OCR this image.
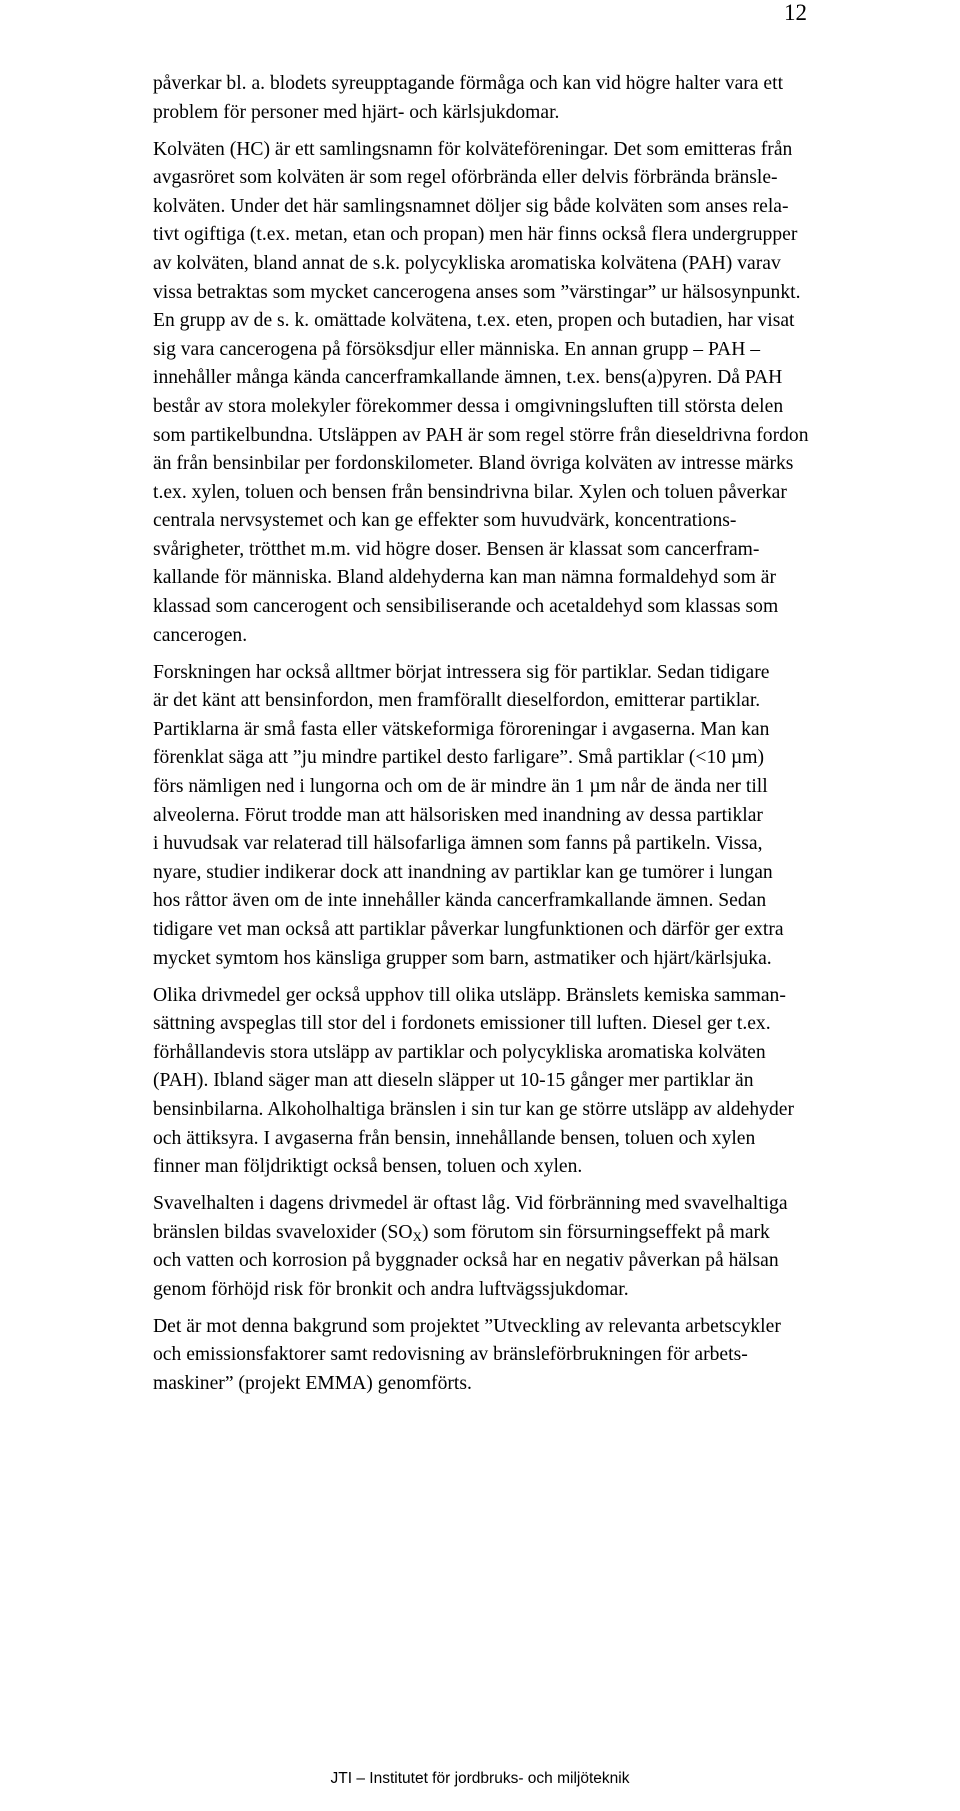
12

påverkar bl. a. blodets syreupptagande förmåga och kan vid högre halter vara ett
problem för personer med hjärt- och kärlsjukdomar.

Kolväten (HC) är ett samlingsnamn för kolväteföreningar. Det som emitteras från
avgasröret som kolväten är som regel oförbrända eller delvis förbrända bränsle-
kolväten. Under det här samlingsnamnet döljer sig både kolväten som anses rela-
tivt ogiftiga (t.ex. metan, etan och propan) men här finns också flera undergrupper
av kolväten, bland annat de s.k. polycykliska aromatiska kolvätena (PAH) varav
vissa betraktas som mycket cancerogena anses som ”värstingar” ur hälsosynpunkt.
En grupp av de s. k. omättade kolvätena, t.ex. eten, propen och butadien, har visat
sig vara cancerogena på försöksdjur eller människa. En annan grupp – PAH –
innehåller många kända cancerframkallande ämnen, t.ex. bens(a)pyren. Då PAH
består av stora molekyler förekommer dessa i omgivningsluften till största delen
som partikelbundna. Utsläppen av PAH är som regel större från dieseldrivna fordon
än från bensinbilar per fordonskilometer. Bland övriga kolväten av intresse märks
t.ex. xylen, toluen och bensen från bensindrivna bilar. Xylen och toluen påverkar
centrala nervsystemet och kan ge effekter som huvudvärk, koncentrations-
svårigheter, trötthet m.m. vid högre doser. Bensen är klassat som cancerfram-
kallande för människa. Bland aldehyderna kan man nämna formaldehyd som är
klassad som cancerogent och sensibiliserande och acetaldehyd som klassas som
cancerogen.

Forskningen har också alltmer börjat intressera sig för partiklar. Sedan tidigare
är det känt att bensinfordon, men framförallt dieselfordon, emitterar partiklar.
Partiklarna är små fasta eller vätskeformiga föroreningar i avgaserna. Man kan
förenklat säga att ”ju mindre partikel desto farligare”. Små partiklar (<10 µm)
förs nämligen ned i lungorna och om de är mindre än 1 µm når de ända ner till
alveolerna. Förut trodde man att hälsorisken med inandning av dessa partiklar
i huvudsak var relaterad till hälsofarliga ämnen som fanns på partikeln. Vissa,
nyare, studier indikerar dock att inandning av partiklar kan ge tumörer i lungan
hos råttor även om de inte innehåller kända cancerframkallande ämnen. Sedan
tidigare vet man också att partiklar påverkar lungfunktionen och därför ger extra
mycket symtom hos känsliga grupper som barn, astmatiker och hjärt/kärlsjuka.

Olika drivmedel ger också upphov till olika utsläpp. Bränslets kemiska samman-
sättning avspeglas till stor del i fordonets emissioner till luften. Diesel ger t.ex.
förhållandevis stora utsläpp av partiklar och polycykliska aromatiska kolväten
(PAH). Ibland säger man att dieseln släpper ut 10-15 gånger mer partiklar än
bensinbilarna. Alkoholhaltiga bränslen i sin tur kan ge större utsläpp av aldehyder
och ättiksyra. I avgaserna från bensin, innehållande bensen, toluen och xylen
finner man följdriktigt också bensen, toluen och xylen.

Svavelhalten i dagens drivmedel är oftast låg. Vid förbränning med svavelhaltiga
bränslen bildas svaveloxider $(SO_X)$ som förutom sin försurningseffekt på mark
och vatten och korrosion på byggnader också har en negativ påverkan på hälsan
genom förhöjd risk för bronkit och andra luftvägssjukdomar.

Det är mot denna bakgrund som projektet ”Utveckling av relevanta arbetscykler
och emissionsfaktorer samt redovisning av bränsleförbrukningen för arbets-
maskiner” (projekt EMMA) genomförts.

JTI – Institutet för jordbruks- och miljöteknik
